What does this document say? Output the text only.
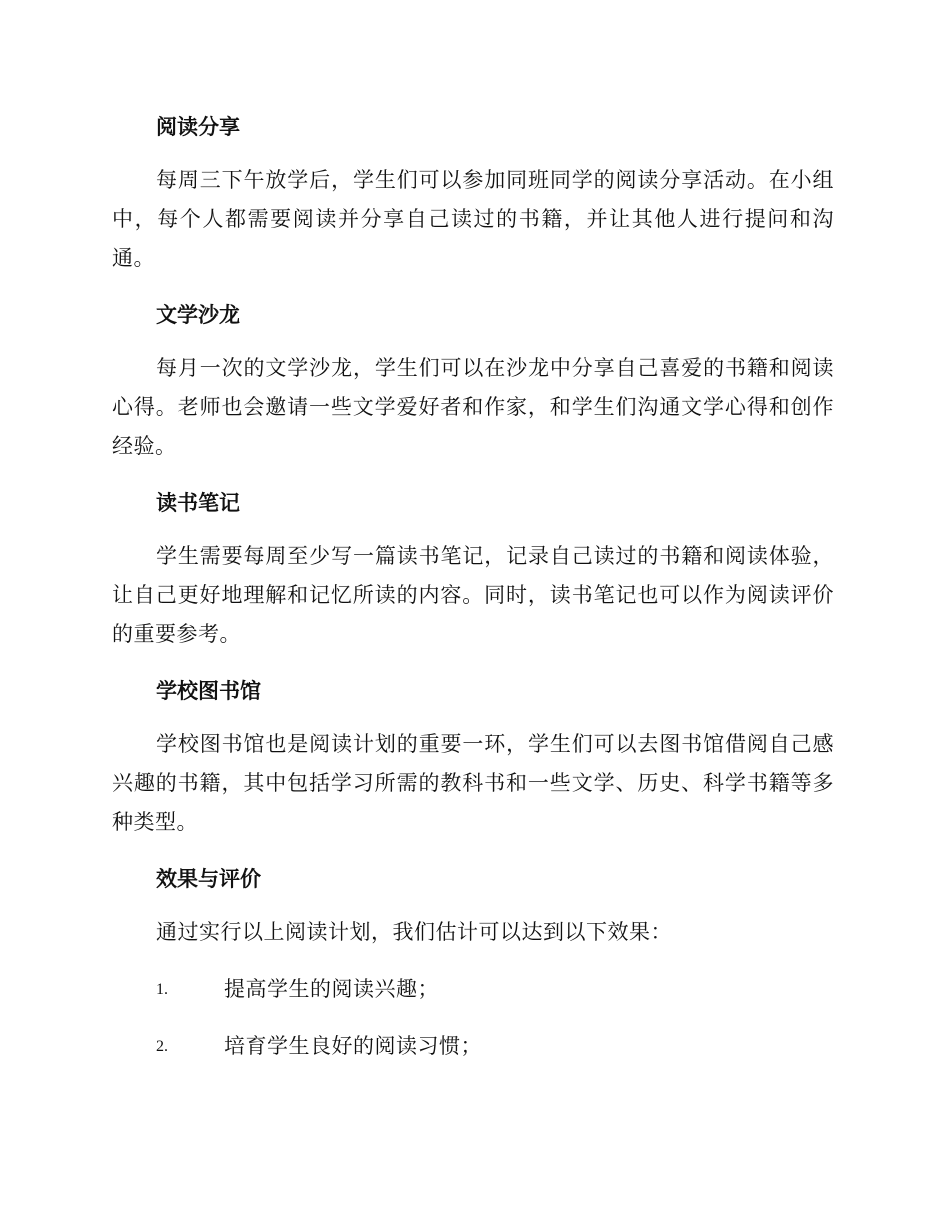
阅读分享

每周三下午放学后，学生们可以参加同班同学的阅读分享活动。在小组中，每个人都需要阅读并分享自己读过的书籍，并让其他人进行提问和沟通。

文学沙龙

每月一次的文学沙龙，学生们可以在沙龙中分享自己喜爱的书籍和阅读心得。老师也会邀请一些文学爱好者和作家，和学生们沟通文学心得和创作经验。

读书笔记

学生需要每周至少写一篇读书笔记，记录自己读过的书籍和阅读体验，让自己更好地理解和记忆所读的内容。同时，读书笔记也可以作为阅读评价的重要参考。

学校图书馆

学校图书馆也是阅读计划的重要一环，学生们可以去图书馆借阅自己感兴趣的书籍，其中包括学习所需的教科书和一些文学、历史、科学书籍等多种类型。

效果与评价

通过实行以上阅读计划，我们估计可以达到以下效果：

1.	提高学生的阅读兴趣；
2.	培育学生良好的阅读习惯；
